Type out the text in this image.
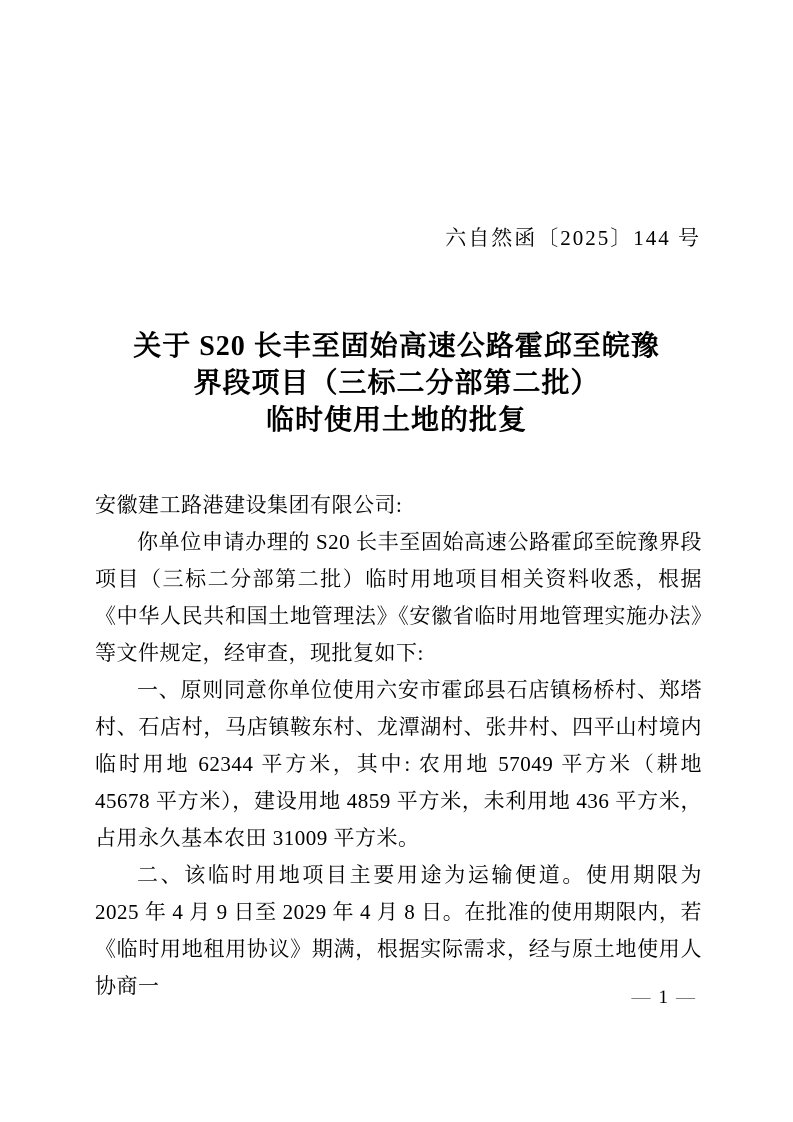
六自然函〔2025〕144 号
关于 S20 长丰至固始高速公路霍邱至皖豫
界段项目（三标二分部第二批）
临时使用土地的批复

安徽建工路港建设集团有限公司:

你单位申请办理的 S20 长丰至固始高速公路霍邱至皖豫界段项目（三标二分部第二批）临时用地项目相关资料收悉，根据《中华人民共和国土地管理法》《安徽省临时用地管理实施办法》等文件规定，经审查，现批复如下:

一、原则同意你单位使用六安市霍邱县石店镇杨桥村、郑塔村、石店村，马店镇鞍东村、龙潭湖村、张井村、四平山村境内临时用地 62344 平方米，其中: 农用地 57049 平方米（耕地 45678 平方米），建设用地 4859 平方米，未利用地 436 平方米，占用永久基本农田 31009 平方米。

二、该临时用地项目主要用途为运输便道。使用期限为 2025 年 4 月 9 日至 2029 年 4 月 8 日。在批准的使用期限内，若《临时用地租用协议》期满，根据实际需求，经与原土地使用人协商一	— 1 —
